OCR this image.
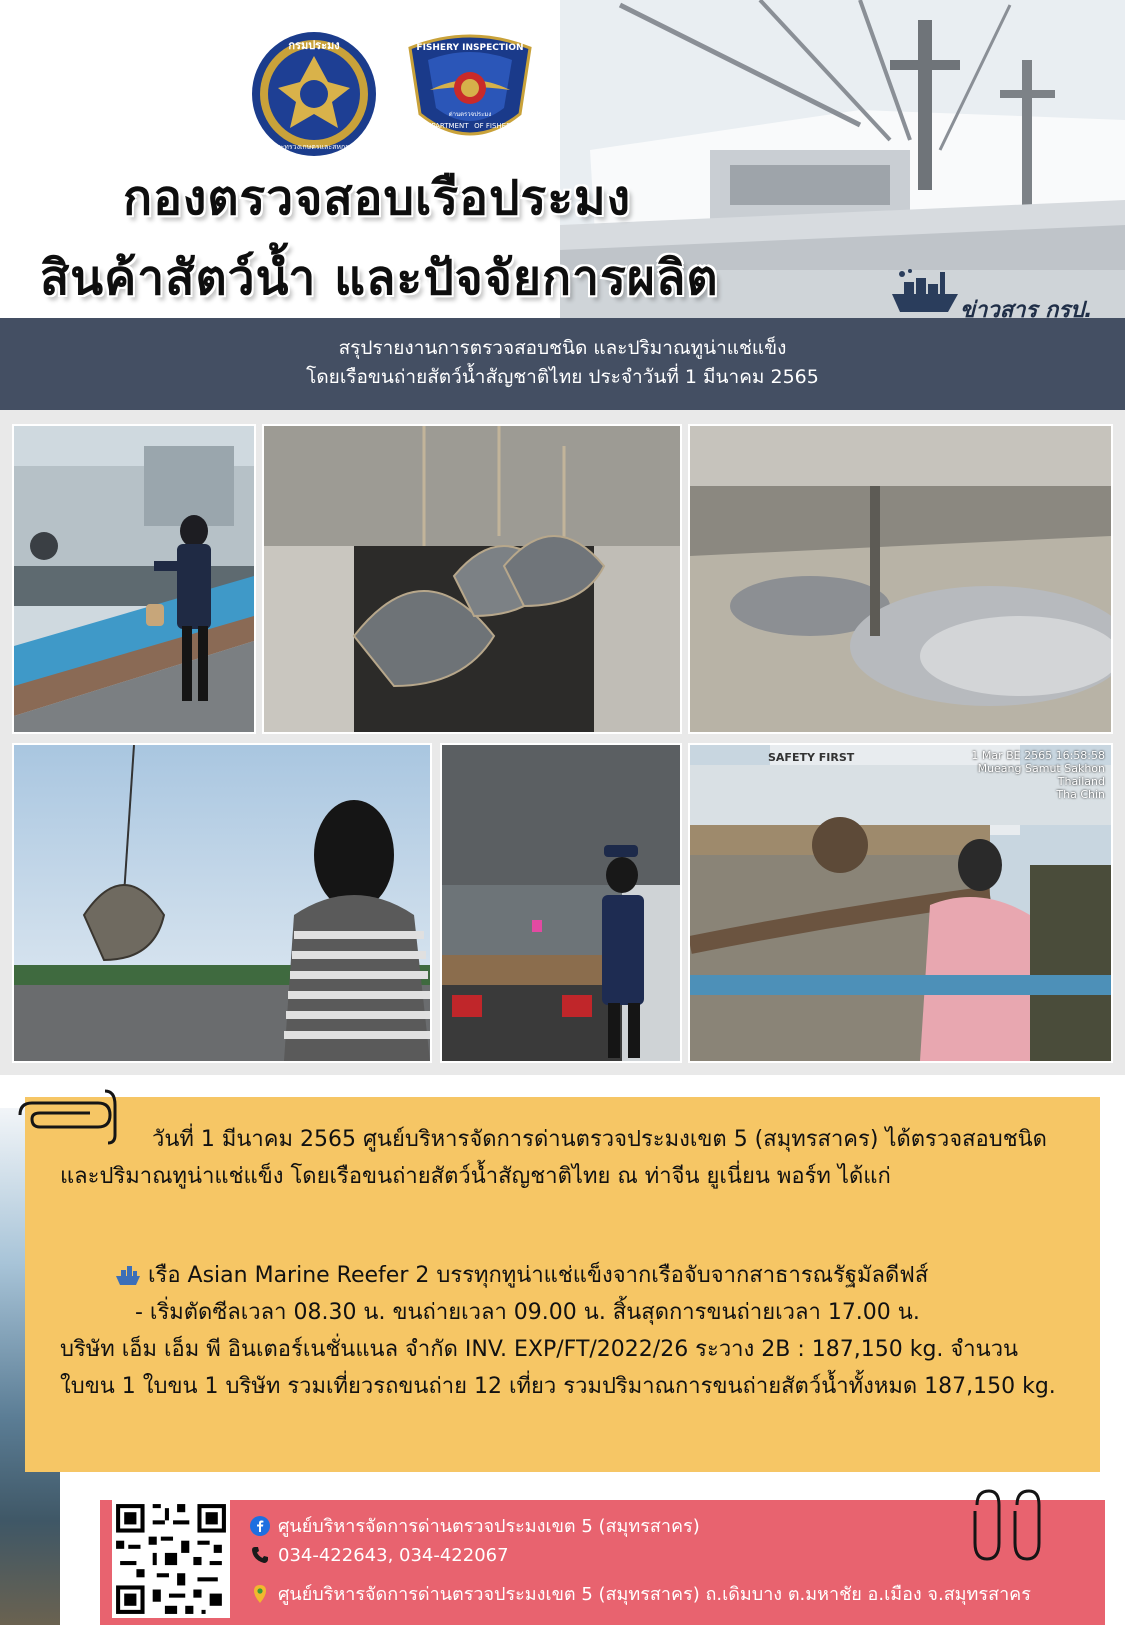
กรมประมง
กระทรวงเกษตรและสหกรณ์
FISHERY INSPECTION
DEPARTMENT OF FISHERIES
ด่านตรวจประมง
กองตรวจสอบเรือประมง
สินค้าสัตว์น้ำ และปัจจัยการผลิต
ข่าวสาร กรป.
สรุปรายงานการตรวจสอบชนิด และปริมาณทูน่าแช่แข็ง
โดยเรือขนถ่ายสัตว์น้ำสัญชาติไทย ประจำวันที่ 1 มีนาคม 2565
1 Mar BE 2565 16:58:58
Mueang Samut Sakhon
Thailand
Tha Chin
SAFETY FIRST
วันที่ 1 มีนาคม 2565 ศูนย์บริหารจัดการด่านตรวจประมงเขต 5 (สมุทรสาคร) ได้ตรวจสอบชนิด และปริมาณทูน่าแช่แข็ง โดยเรือขนถ่ายสัตว์น้ำสัญชาติไทย ณ ท่าจีน ยูเนี่ยน พอร์ท ได้แก่
เรือ Asian Marine Reefer 2 บรรทุกทูน่าแช่แข็งจากเรือจับจากสาธารณรัฐมัลดีฟส์
- เริ่มตัดซีลเวลา 08.30 น. ขนถ่ายเวลา 09.00 น. สิ้นสุดการขนถ่ายเวลา 17.00 น.
บริษัท เอ็ม เอ็ม พี อินเตอร์เนชั่นแนล จำกัด INV. EXP/FT/2022/26 ระวาง 2B : 187,150 kg. จำนวนใบขน 1 ใบขน 1 บริษัท รวมเที่ยวรถขนถ่าย 12 เที่ยว รวมปริมาณการขนถ่ายสัตว์น้ำทั้งหมด 187,150 kg.
ศูนย์บริหารจัดการด่านตรวจประมงเขต 5 (สมุทรสาคร)
034-422643, 034-422067
ศูนย์บริหารจัดการด่านตรวจประมงเขต 5 (สมุทรสาคร) ถ.เดิมบาง ต.มหาชัย อ.เมือง จ.สมุทรสาคร
